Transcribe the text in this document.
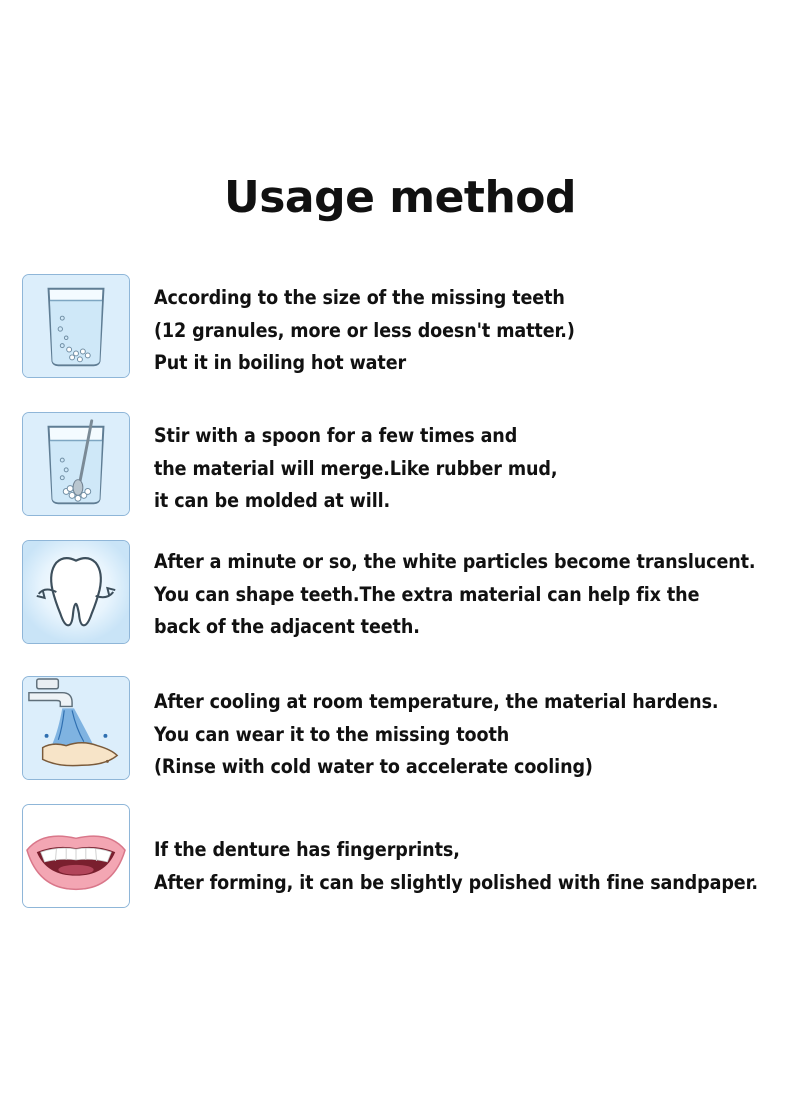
Usage method
According to the size of the missing teeth
(12 granules, more or less doesn't matter.)
Put it in boiling hot water
Stir with a spoon for a few times and
the material will merge.Like rubber mud,
it can be molded at will.
After a minute or so, the white particles become translucent.
You can shape teeth.The extra material can help fix the
back of the adjacent teeth.
After cooling at room temperature, the material hardens.
You can wear it to the missing tooth
(Rinse with cold water to accelerate cooling)
If the denture has fingerprints,
After forming, it can be slightly polished with fine sandpaper.
